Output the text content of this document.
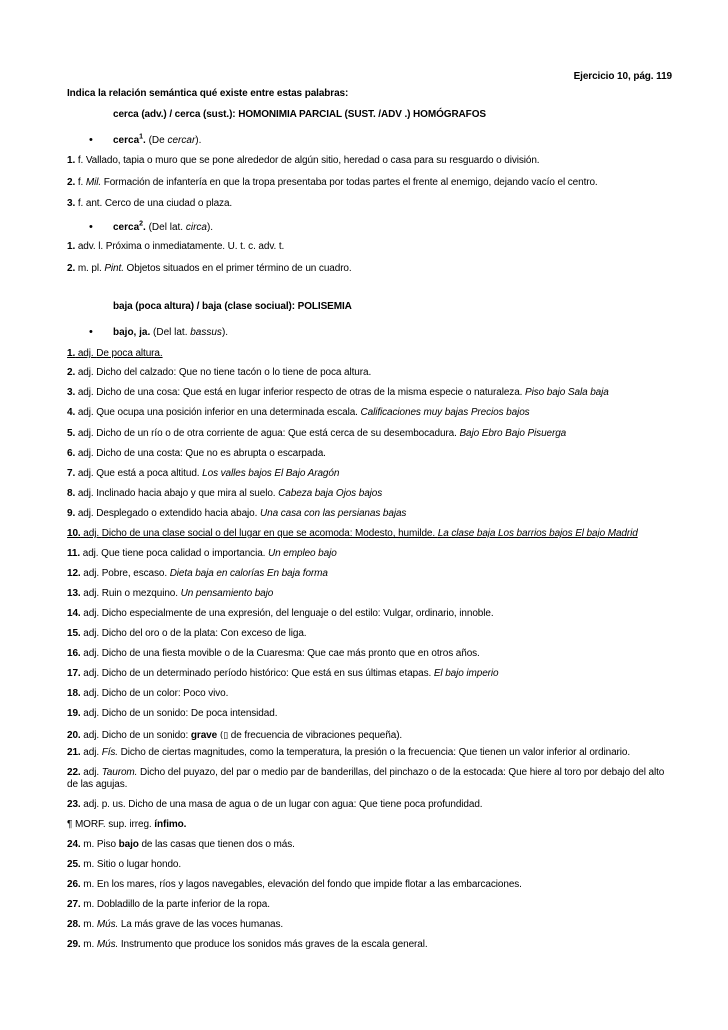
Ejercicio 10, pág. 119
Indica la relación semántica qué existe entre estas palabras:
cerca (adv.) / cerca (sust.): HOMONIMIA PARCIAL (SUST. /ADV .) HOMÓGRAFOS
• cerca$^1$. (De cercar).
1. f. Vallado, tapia o muro que se pone alrededor de algún sitio, heredad o casa para su resguardo o división.
2. f. Mil. Formación de infantería en que la tropa presentaba por todas partes el frente al enemigo, dejando vacío el centro.
3. f. ant. Cerco de una ciudad o plaza.
• cerca$^2$. (Del lat. circa).
1. adv. l. Próxima o inmediatamente. U. t. c. adv. t.
2. m. pl. Pint. Objetos situados en el primer término de un cuadro.
baja (poca altura) / baja (clase sociual): POLISEMIA
• bajo, ja. (Del lat. bassus).
1. adj. De poca altura.
2. adj. Dicho del calzado: Que no tiene tacón o lo tiene de poca altura.
3. adj. Dicho de una cosa: Que está en lugar inferior respecto de otras de la misma especie o naturaleza. Piso bajo Sala baja
4. adj. Que ocupa una posición inferior en una determinada escala. Calificaciones muy bajas Precios bajos
5. adj. Dicho de un río o de otra corriente de agua: Que está cerca de su desembocadura. Bajo Ebro Bajo Pisuerga
6. adj. Dicho de una costa: Que no es abrupta o escarpada.
7. adj. Que está a poca altitud. Los valles bajos El Bajo Aragón
8. adj. Inclinado hacia abajo y que mira al suelo. Cabeza baja Ojos bajos
9. adj. Desplegado o extendido hacia abajo. Una casa con las persianas bajas
10. adj. Dicho de una clase social o del lugar en que se acomoda: Modesto, humilde. La clase baja Los barrios bajos El bajo Madrid
11. adj. Que tiene poca calidad o importancia. Un empleo bajo
12. adj. Pobre, escaso. Dieta baja en calorías En baja forma
13. adj. Ruin o mezquino. Un pensamiento bajo
14. adj. Dicho especialmente de una expresión, del lenguaje o del estilo: Vulgar, ordinario, innoble.
15. adj. Dicho del oro o de la plata: Con exceso de liga.
16. adj. Dicho de una fiesta movible o de la Cuaresma: Que cae más pronto que en otros años.
17. adj. Dicho de un determinado período histórico: Que está en sus últimas etapas. El bajo imperio
18. adj. Dicho de un color: Poco vivo.
19. adj. Dicho de un sonido: De poca intensidad.
20. adj. Dicho de un sonido: grave (▯ de frecuencia de vibraciones pequeña).
21. adj. Fís. Dicho de ciertas magnitudes, como la temperatura, la presión o la frecuencia: Que tienen un valor inferior al ordinario.
22. adj. Taurom. Dicho del puyazo, del par o medio par de banderillas, del pinchazo o de la estocada: Que hiere al toro por debajo del alto de las agujas.
23. adj. p. us. Dicho de una masa de agua o de un lugar con agua: Que tiene poca profundidad.
¶ MORF. sup. irreg. ínfimo.
24. m. Piso bajo de las casas que tienen dos o más.
25. m. Sitio o lugar hondo.
26. m. En los mares, ríos y lagos navegables, elevación del fondo que impide flotar a las embarcaciones.
27. m. Dobladillo de la parte inferior de la ropa.
28. m. Mús. La más grave de las voces humanas.
29. m. Mús. Instrumento que produce los sonidos más graves de la escala general.
